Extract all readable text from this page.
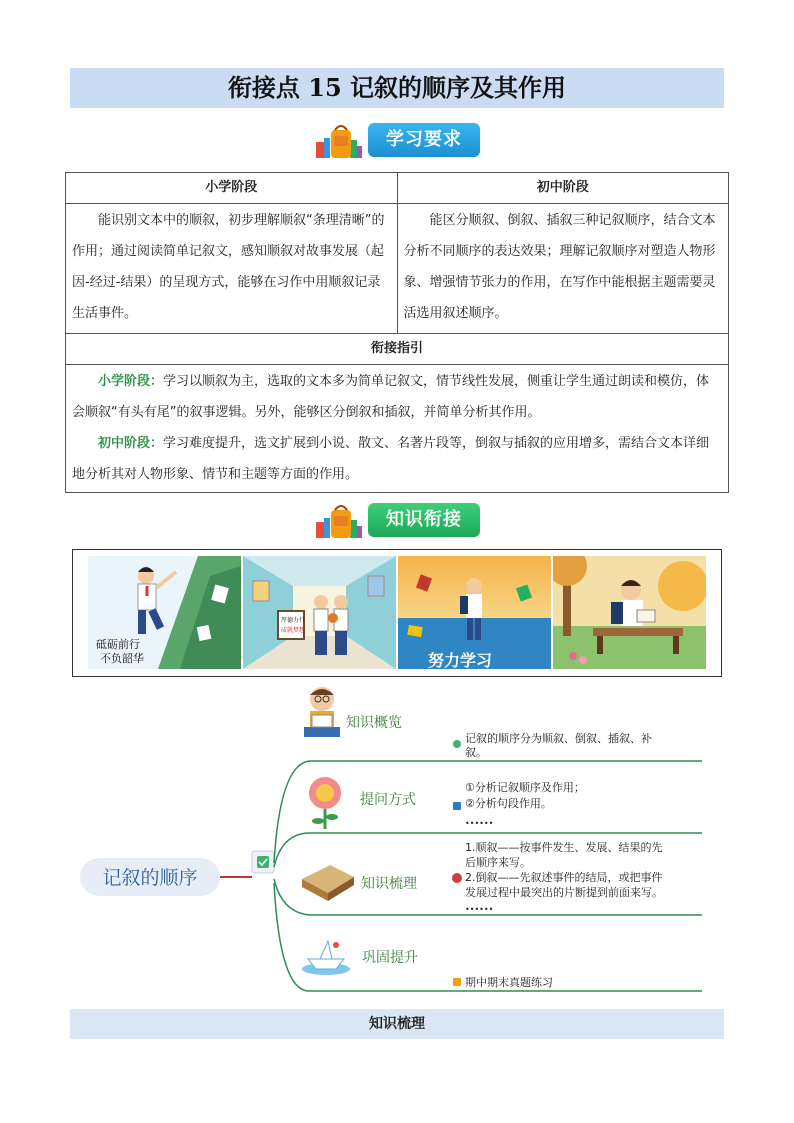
衔接点 15 记叙的顺序及其作用
学习要求
小学阶段	初中阶段

能识别文本中的顺叙，初步理解顺叙“条理清晰”的作用；通过阅读简单记叙文，感知顺叙对故事发展（起因-经过-结果）的呈现方式，能够在习作中用顺叙记录生活事件。	能区分顺叙、倒叙、插叙三种记叙顺序，结合文本分析不同顺序的表达效果；理解记叙顺序对塑造人物形象、增强情节张力的作用，在写作中能根据主题需要灵活选用叙述顺序。

衔接指引	

小学阶段：学习以顺叙为主，选取的文本多为简单记叙文，情节线性发展，侧重让学生通过朗读和模仿，体会顺叙“有头有尾”的叙事逻辑。另外，能够区分倒叙和插叙，并简单分析其作用。

初中阶段：学习难度提升，选文扩展到小说、散文、名著片段等，倒叙与插叙的应用增多，需结合文本详细地分析其对人物形象、情节和主题等方面的作用。	

知识衔接
砥砺前行
不负韶华
厚德力行
成就梦想
努力学习
记叙的顺序
知识概览
记叙的顺序分为顺叙、倒叙、插叙、补
叙。
提问方式
①分析记叙顺序及作用；
②分析句段作用。
••••••
知识梳理
1.顺叙——按事件发生、发展、结果的先
后顺序来写。
2.倒叙——先叙述事件的结局，或把事件
发展过程中最突出的片断提到前面来写。
••••••
巩固提升
期中期末真题练习
知识梳理
